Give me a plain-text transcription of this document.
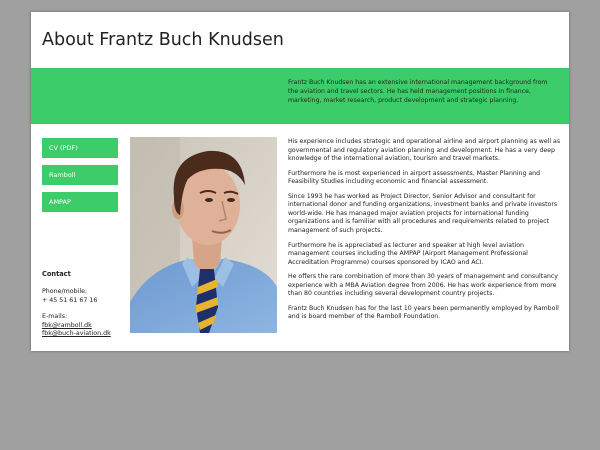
About Frantz Buch Knudsen

Frantz Buch Knudsen has an extensive international management background from the aviation and travel sectors. He has held management positions in finance, marketing, market research, product development and strategic planning.

CV (PDF)
Ramboll
AMPAP
Contact
Phone/mobile:
+ 45 51 61 67 16
E-mails:
fbk@ramboll.dk
fbk@buch-aviation.dk

His experience includes strategic and operational airline and airport planning as well as governmental and regulatory aviation planning and development. He has a very deep knowledge of the international aviation, tourism and travel markets.

Furthermore he is most experienced in airport assessments, Master Planning and Feasibility Studies including economic and financial assessment.

Since 1993 he has worked as Project Director, Senior Advisor and consultant for international donor and funding organizations, investment banks and private investors world-wide. He has managed major aviation projects for international funding organizations and is familiar with all procedures and requirements related to project management of such projects.

Furthermore he is appreciated as lecturer and speaker at high level aviation management courses including the AMPAP (Airport Management Professional Accreditation Programme) courses sponsored by ICAO and ACI.

He offers the rare combination of more than 30 years of management and consultancy experience with a MBA Aviation degree from 2006. He has work experience from more than 80 countries including several development country projects.

Frantz Buch Knudsen has for the last 10 years been permanently employed by Ramboll and is board member of the Ramboll Foundation.
